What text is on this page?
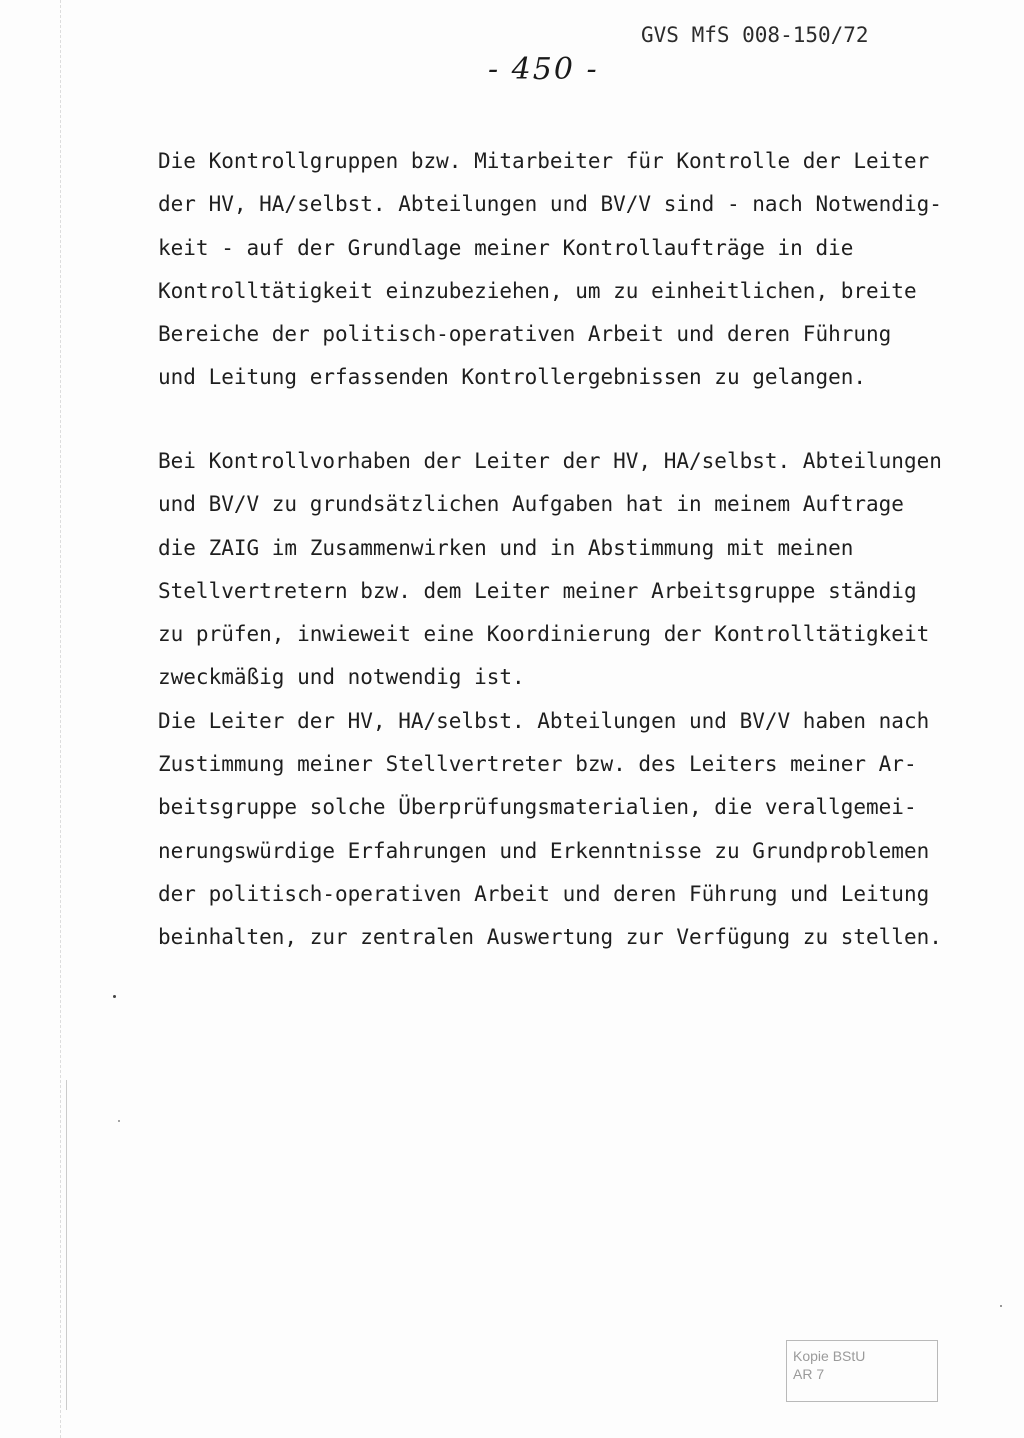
GVS MfS 008-150/72
- 450 -
Die Kontrollgruppen bzw. Mitarbeiter für Kontrolle der Leiter
der HV, HA/selbst. Abteilungen und BV/V sind - nach Notwendig-
keit - auf der Grundlage meiner Kontrollaufträge in die
Kontrolltätigkeit einzubeziehen, um zu einheitlichen, breite
Bereiche der politisch-operativen Arbeit und deren Führung
und Leitung erfassenden Kontrollergebnissen zu gelangen.
Bei Kontrollvorhaben der Leiter der HV, HA/selbst. Abteilungen
und BV/V zu grundsätzlichen Aufgaben hat in meinem Auftrage
die ZAIG im Zusammenwirken und in Abstimmung mit meinen
Stellvertretern bzw. dem Leiter meiner Arbeitsgruppe ständig
zu prüfen, inwieweit eine Koordinierung der Kontrolltätigkeit
zweckmäßig und notwendig ist.
Die Leiter der HV, HA/selbst. Abteilungen und BV/V haben nach
Zustimmung meiner Stellvertreter bzw. des Leiters meiner Ar-
beitsgruppe solche Überprüfungsmaterialien, die verallgemei-
nerungswürdige Erfahrungen und Erkenntnisse zu Grundproblemen
der politisch-operativen Arbeit und deren Führung und Leitung
beinhalten, zur zentralen Auswertung zur Verfügung zu stellen.
Kopie BStU
AR 7
